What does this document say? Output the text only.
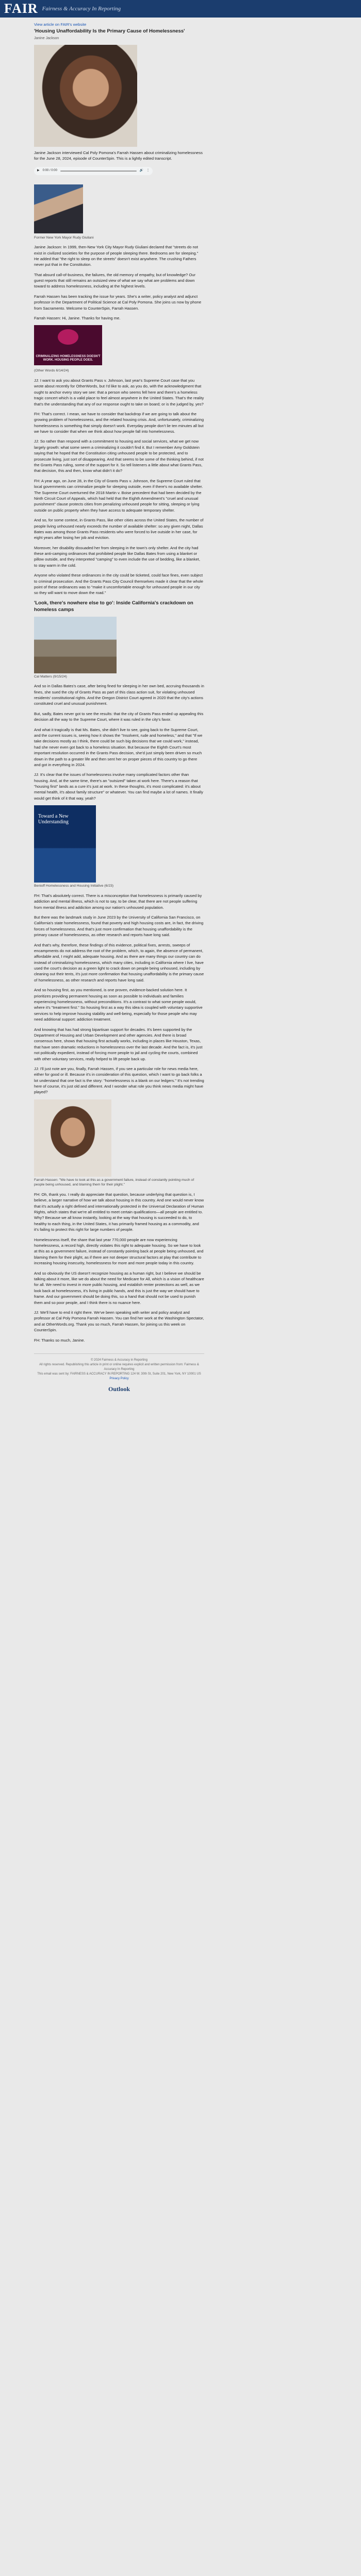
FAIR Fairness & Accuracy In Reporting
View article on FAIR's website
'Housing Unaffordability Is the Primary Cause of Homelessness'
Janine Jackson

Janine Jackson interviewed Cal Poly Pomona's Farrah Hassen about criminalizing homelessness for the June 28, 2024, episode of CounterSpin. This is a lightly edited transcript.

▶ 0:00 / 0:00	🔊 ⋮
Former New York Mayor Rudy Giuliani

Janine Jackson: In 1999, then-New York City Mayor Rudy Giuliani declared that "streets do not exist in civilized societies for the purpose of people sleeping there. Bedrooms are for sleeping." He added that "the right to sleep on the streets" doesn't exist anywhere. The crushing Fathers never put that in the Constitution.

That absurd call-of-business, the failures, the old memory of empathy, but of knowledge? Our guest reports that still remains an outsized view of what we say what are problems and down toward to address homelessness, including at the highest levels.

Farrah Hassen has been tracking the issue for years. She's a writer, policy analyst and adjunct professor in the Department of Political Science at Cal Poly Pomona. She joins us now by phone from Sacramento. Welcome to CounterSpin, Farrah Hassen.

Farrah Hassen: Hi, Janine. Thanks for having me.

CRIMINALIZING HOMELESSNESS DOESN'T WORK. HOUSING PEOPLE DOES.
(Other Words 6/14/24)

JJ: I want to ask you about Grants Pass v. Johnson, last year's Supreme Court case that you wrote about recently for OtherWords, but I'd like to ask, as you do, with the acknowledgment that ought to anchor every story we see: that a person who seems fell here and there's a homeless tragic concert which is a valid place to feel almost anywhere in the United States. That's the reality that's the understanding that any of our response ought to take on board; or is the judged by, yes?

FH: That's correct. I mean, we have to consider that backdrop if we are going to talk about the growing problem of homelessness, and the related housing crisis. And, unfortunately, criminalizing homelessness is something that simply doesn't work. Everyday people don't lie ten minutes all but we have to consider that when we think about how people fall into homelessness.

JJ: So rather than respond with a commitment to housing and social services, what we get now largely growth: what some seem a criminalizing it couldn't find it. But I remember Amy Goldstein saying that he hoped that the Constitution citing unhoused people to be protected, and to prosecute living, just sort of disappearing. And that seems to be some of the thinking behind, if not the Grants Pass ruling, some of the support for it. So tell listeners a little about what Grants Pass, that decision, this and then, know what didn't it do?

FH: A year ago, on June 28, in the City of Grants Pass v. Johnson, the Supreme Court ruled that local governments can criminalize people for sleeping outside, even if there's no available shelter. The Supreme Court overturned the 2018 Martin v. Boise precedent that had been decided by the Ninth Circuit Court of Appeals, which had held that the Eighth Amendment's "cruel and unusual punishment" clause protects cities from penalizing unhoused people for sitting, sleeping or lying outside on public property when they have access to adequate temporary shelter.

And so, for some context, in Grants Pass, like other cities across the United States, the number of people living unhoused nearly exceeds the number of available shelter: so any given night, Dallas Bates was among those Grants Pass residents who were forced to live outside in her case, for eight years after losing her job and eviction.

Moreover, her disability dissuaded her from sleeping in the town's only shelter. And the city had these anti-camping ordinances that prohibited people like Dallas Bates from using a blanket or pillow outside, and they interpreted "camping" to even include the use of bedding, like a blanket, to stay warm in the cold.

Anyone who violated these ordinances in the city could be ticketed, could face fines, even subject to criminal prosecution. And the Grants Pass City Council themselves made it clear that the whole point of these ordinances was to "make it uncomfortable enough for unhoused people in our city so they will want to move down the road."

'Look, there's nowhere else to go': Inside California's crackdown on homeless camps
Cal Matters (9/15/24)

And so in Dallas Bates's case, after being fined for sleeping in her own bed, accruing thousands in fines, she sued the city of Grants Pass as part of this class action suit, for violating unhoused residents' constitutional rights. And the Oregon District Court agreed in 2020 that the city's actions constituted cruel and unusual punishment.

But, sadly, Bates never got to see the results: that the city of Grants Pass ended up appealing this decision all the way to the Supreme Court, where it was ruled in the city's favor.

And what it tragically is that Ms. Bates, she didn't live to see, going back to the Supreme Court, and the current issues is, seeing how it shows the "Insolvent, rude and homeless," and that "If we take decisions mostly as I think, there could be such big decisions that we could work," instead, had she never even got back to a homeless situation. But because the Eighth Court's most important resolution occurred in the Grants Pass decision, she'd just simply been driven so much down in the path to a greater life and then sent her on proper pieces of this country to go there and got in everything in 2024.

JJ: It's clear that the issues of homelessness involve many complicated factors other than housing. And, at the same time, there's an "outsized" taken at work here. There's a reason that "housing first" lands as a cure it's just at work. In these thoughts, it's most complicated: it's about mental health, it's about family structure" or whatever. You can find maybe a lot of names. It finally would get think of it that way, yeah?

Toward a New Understanding
Benioff Homelessness and Housing Initiative (6/23)

FH: That's absolutely correct. There is a misconception that homelessness is primarily caused by addiction and mental illness, which is not to say, to be clear, that there are not people suffering from mental illness and addiction among our nation's unhoused population.

But there was the landmark study in June 2023 by the University of California San Francisco, on California's state homelessness, found that poverty and high housing costs are, in fact, the driving forces of homelessness. And that's just more confirmation that housing unaffordability is the primary cause of homelessness, as other research and reports have long said.

And that's why, therefore, these findings of this evidence, political fixes, arrests, sweeps of encampments do not address the root of the problem, which, to again, the absence of permanent, affordable and, I might add, adequate housing. And as there are many things our country can do instead of criminalizing homelessness, which many cities, including in California where I live, have used the court's decision as a green light to crack down on people being unhoused, including by cleaning out their tents, it's just more confirmation that housing unaffordability is the primary cause of homelessness, as other research and reports have long said.

And so housing first, as you mentioned, is one proven, evidence-backed solution here. It prioritizes providing permanent housing as soon as possible to individuals and families experiencing homelessness, without preconditions. It's a contrast to what some people would, where it's "treatment first." So housing first as a way this idea is coupled with voluntary supportive services to help improve housing stability and well-being, especially for those people who may need additional support: addiction treatment.

And knowing that has had strong bipartisan support for decades. It's been supported by the Department of Housing and Urban Development and other agencies. And there is broad consensus here, shows that housing first actually works, including in places like Houston, Texas, that have seen dramatic reductions in homelessness over the last decade. And the fact is, it's just not politically expedient, instead of forcing more people to jail and cycling the courts, combined with other voluntary services, really helped to lift people back up.

JJ: I'll just note are you, finally, Farrah Hassen, if you see a particular role for news media here, either for good or ill. Because it's in consideration of this question, which I want to go back folks a lot understand that one fact is the story: "homelessness is a blank on our ledgers." It's not trending here of course, it's just old and different. And I wonder what role you think news media might have played?

Farrah Hassen: "We have to look at this as a government failure, instead of constantly pointing much of people being unhoused, and blaming them for their plight."

FH: Oh, thank you. I really do appreciate that question, because underlying that question is, I believe, a larger narrative of how we talk about housing in this country. And one would never know that it's actually a right defined and internationally protected in the Universal Declaration of Human Rights, which states that we're all entitled to meet certain qualifications—all people are entitled to. Why? Because we all know instantly, looking at the way that housing is succeeded to do, to healthy to each thing, in the United States, it has primarily framed housing as a commodity, and it's failing to protect this right for large numbers of people.

Homelessness itself, the share that last year 770,000 people are now experiencing homelessness, a record high, directly violates this right to adequate housing. So we have to look at this as a government failure, instead of constantly pointing back at people being unhoused, and blaming them for their plight, as if there are not deeper structural factors at play that contribute to increasing housing insecurity, homelessness for more and more people today in this country.

And so obviously the US doesn't recognize housing as a human right, but I believe we should be talking about it more, like we do about the need for Medicare for All, which is a vision of healthcare for all. We need to invest in more public housing, and establish renter protections as well, as we look back at homelessness, it's living in public hands, and this is just the way we should have to frame. And our government should be doing this, so a hand that should not be used to punish them and so poor people, and I think there is no nuance here.

JJ: We'll have to end it right there. We've been speaking with writer and policy analyst and professor at Cal Poly Pomona Farrah Hassen. You can find her work at the Washington Spectator, and at OtherWords.org. Thank you so much, Farrah Hassen, for joining us this week on CounterSpin.

FH: Thanks so much, Janine.

© 2024 Fairness & Accuracy in Reporting
All rights reserved. Republishing this article in print or online requires explicit and written permission from: Fairness & Accuracy In Reporting
This email was sent by: FAIRNESS & ACCURACY IN REPORTING 124 W. 30th St, Suite 201, New York, NY 10001 US
Privacy Policy
Outlook
